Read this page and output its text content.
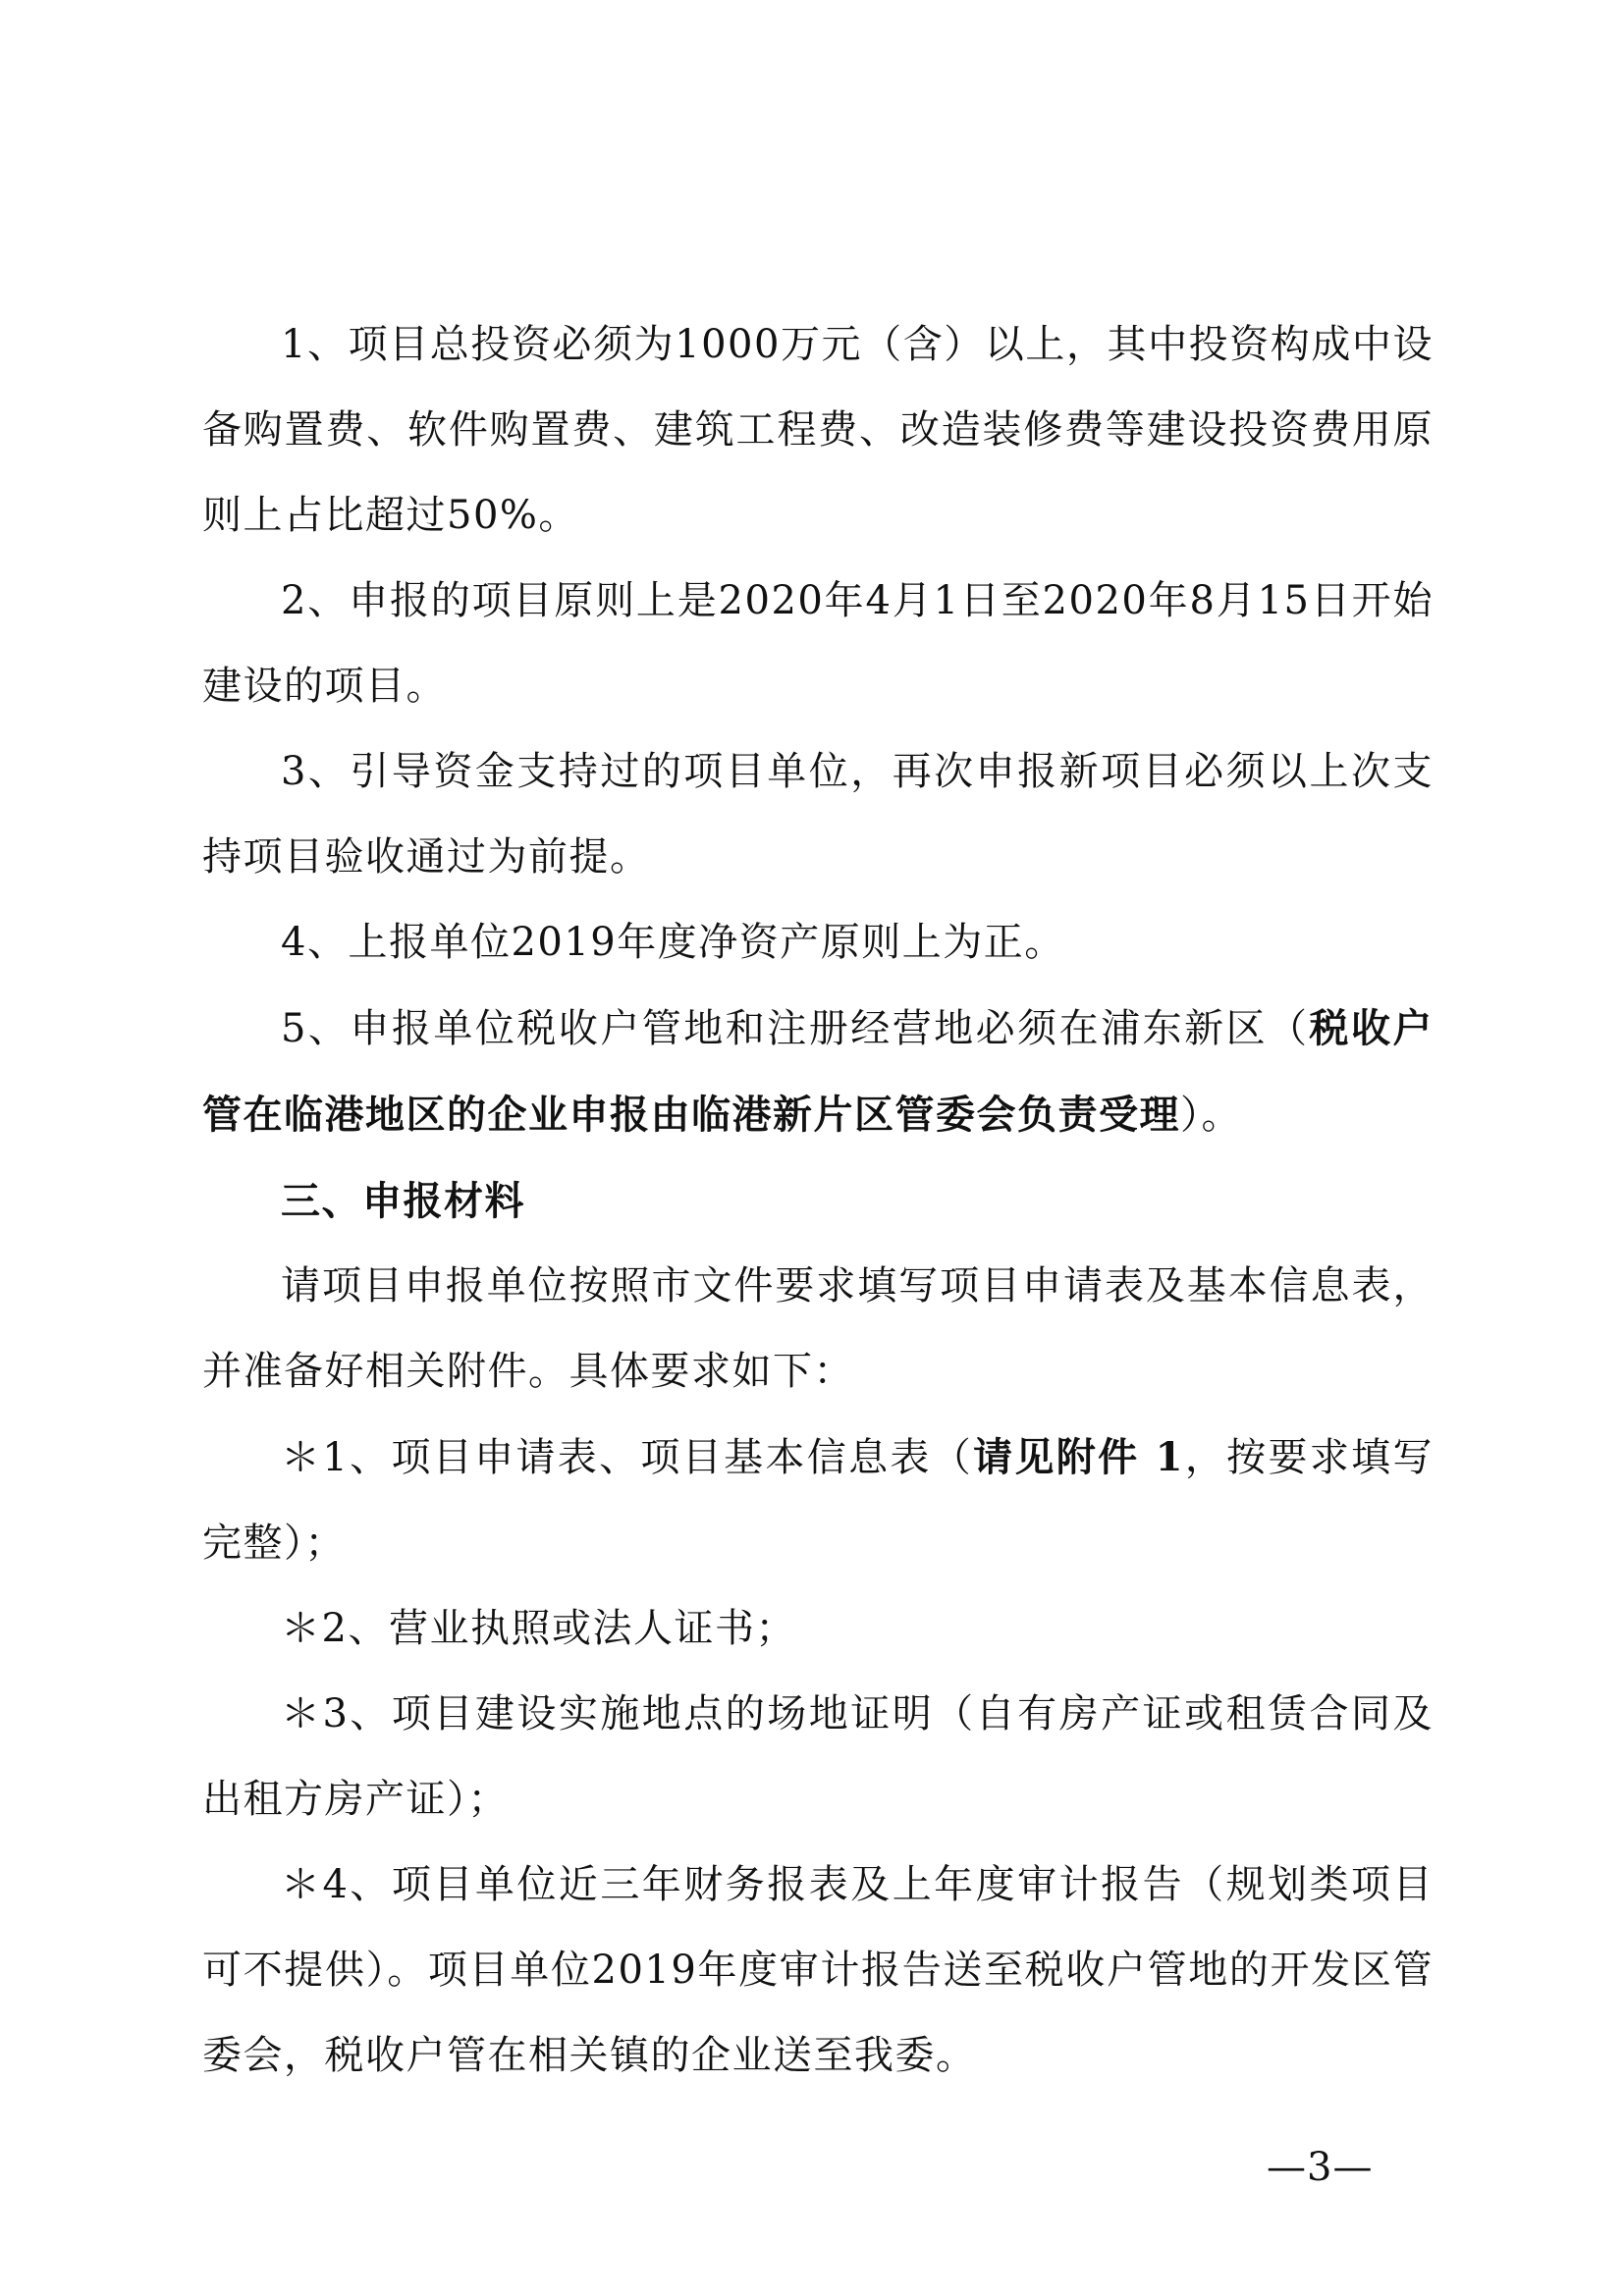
1、项目总投资必须为1000万元（含）以上，其中投资构成中设备购置费、软件购置费、建筑工程费、改造装修费等建设投资费用原则上占比超过50%。

2、申报的项目原则上是2020年4月1日至2020年8月15日开始建设的项目。

3、引导资金支持过的项目单位，再次申报新项目必须以上次支持项目验收通过为前提。

4、上报单位2019年度净资产原则上为正。

5、申报单位税收户管地和注册经营地必须在浦东新区（税收户管在临港地区的企业申报由临港新片区管委会负责受理）。

三、申报材料

请项目申报单位按照市文件要求填写项目申请表及基本信息表，并准备好相关附件。具体要求如下：

＊1、项目申请表、项目基本信息表（请见附件 1，按要求填写完整）；

＊2、营业执照或法人证书；

＊3、项目建设实施地点的场地证明（自有房产证或租赁合同及出租方房产证）；

＊4、项目单位近三年财务报表及上年度审计报告（规划类项目可不提供）。项目单位2019年度审计报告送至税收户管地的开发区管委会，税收户管在相关镇的企业送至我委。

—3—
